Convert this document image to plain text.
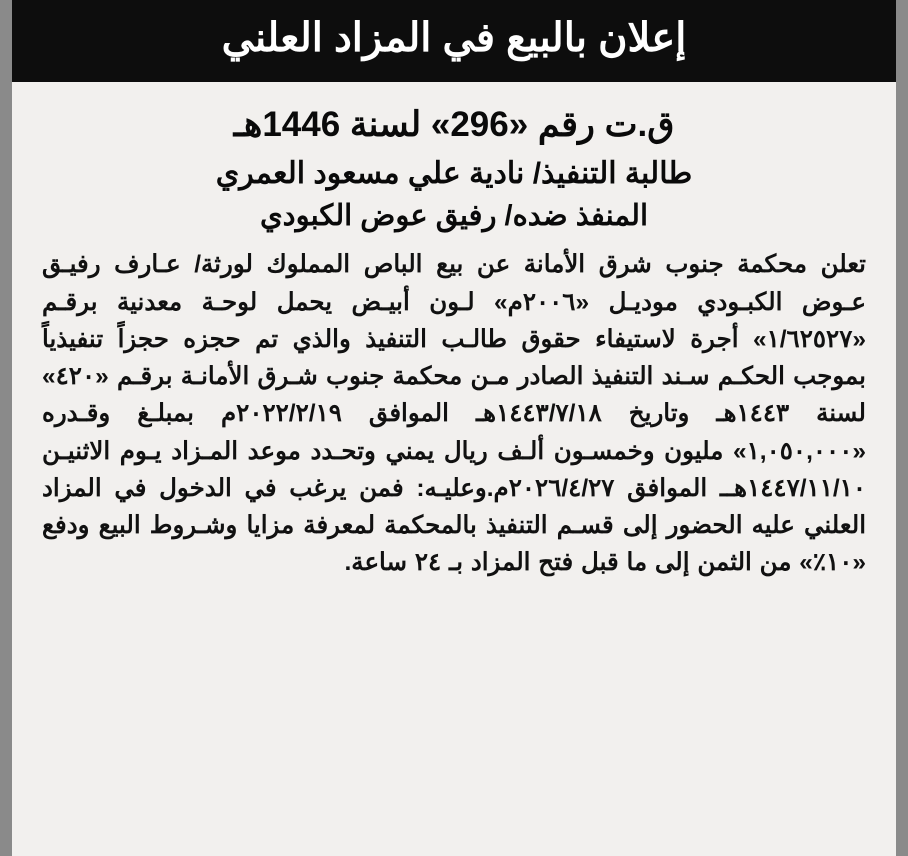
إعلان بالبيع في المزاد العلني
ق.ت رقم «296» لسنة 1446هـ
طالبة التنفيذ/ نادية علي مسعود العمري
المنفذ ضده/ رفيق عوض الكبودي

تعلن محكمة جنوب شرق الأمانة عن بيع الباص المملوك لورثة/ عـارف رفيـق عـوض الكبـودي موديـل «٢٠٠٦م» لـون أبيـض يحمل لوحـة معدنية برقـم «١/٦٢٥٢٧» أجرة لاستيفاء حقوق طالـب التنفيذ والذي تم حجزه حجزاً تنفيذياً بموجب الحكـم سـند التنفيذ الصادر مـن محكمة جنوب شـرق الأمانـة برقـم «٤٢٠» لسنة ١٤٤٣هـ وتاريخ ١٤٤٣/٧/١٨هـ الموافق ٢٠٢٢/٢/١٩م بمبلـغ وقـدره «١,٠٥٠,٠٠٠» مليون وخمسـون ألـف ريال يمني وتحـدد موعد المـزاد يـوم الاثنيـن ١٤٤٧/١١/١٠هــ الموافق ٢٠٢٦/٤/٢٧م.وعليـه: فمن يرغب في الدخول في المزاد العلني عليه الحضور إلى قسـم التنفيذ بالمحكمة لمعرفة مزايا وشـروط البيع ودفع «١٠٪» من الثمن إلى ما قبل فتح المزاد بـ ٢٤ ساعة.
